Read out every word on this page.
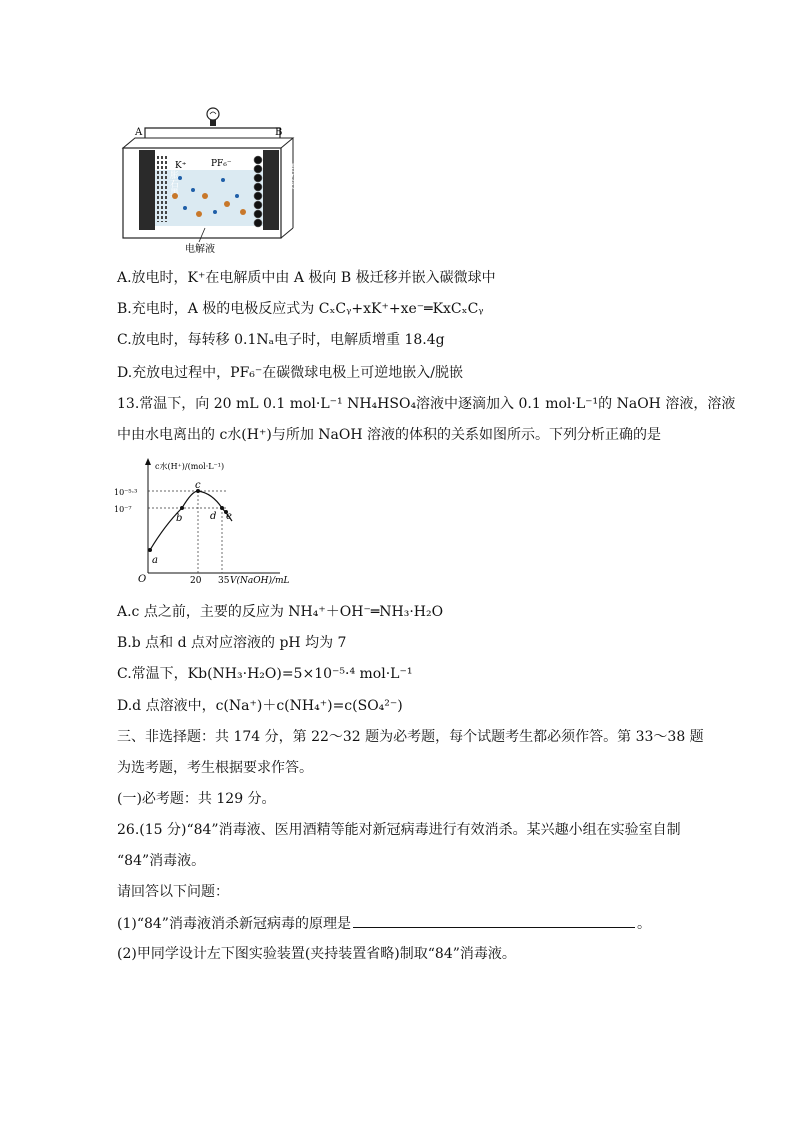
A	B
膨胀石墨	碳微球
K⁺	PF₆⁻
电解液
A.放电时，K⁺在电解质中由 A 极向 B 极迁移并嵌入碳微球中
B.充电时，A 极的电极反应式为 CₓCᵧ+xK⁺+xe⁻═KxCₓCᵧ
C.放电时，每转移 0.1Nₐ电子时，电解质增重 18.4g
D.充放电过程中，PF₆⁻在碳微球电极上可逆地嵌入/脱嵌
13.常温下，向 20 mL 0.1 mol·L⁻¹ NH₄HSO₄溶液中逐滴加入 0.1 mol·L⁻¹的 NaOH 溶液，溶液
中由水电离出的 c水(H⁺)与所加 NaOH 溶液的体积的关系如图所示。下列分析正确的是
c水(H⁺)/(mol·L⁻¹)
O
10⁻⁵·³
10⁻⁷
20 35 V(NaOH)/mL
a
b
c
d e
A.c 点之前，主要的反应为 NH₄⁺＋OH⁻═NH₃·H₂O
B.b 点和 d 点对应溶液的 pH 均为 7
C.常温下，Kb(NH₃·H₂O)=5×10⁻⁵·⁴ mol·L⁻¹
D.d 点溶液中，c(Na⁺)＋c(NH₄⁺)=c(SO₄²⁻)
三、非选择题：共 174 分，第 22～32 题为必考题，每个试题考生都必须作答。第 33～38 题
为选考题，考生根据要求作答。
(一)必考题：共 129 分。
26.(15 分)“84”消毒液、医用酒精等能对新冠病毒进行有效消杀。某兴趣小组在实验室自制
“84”消毒液。
请回答以下问题：
(1)“84”消毒液消杀新冠病毒的原理是	。
(2)甲同学设计左下图实验装置(夹持装置省略)制取“84”消毒液。
